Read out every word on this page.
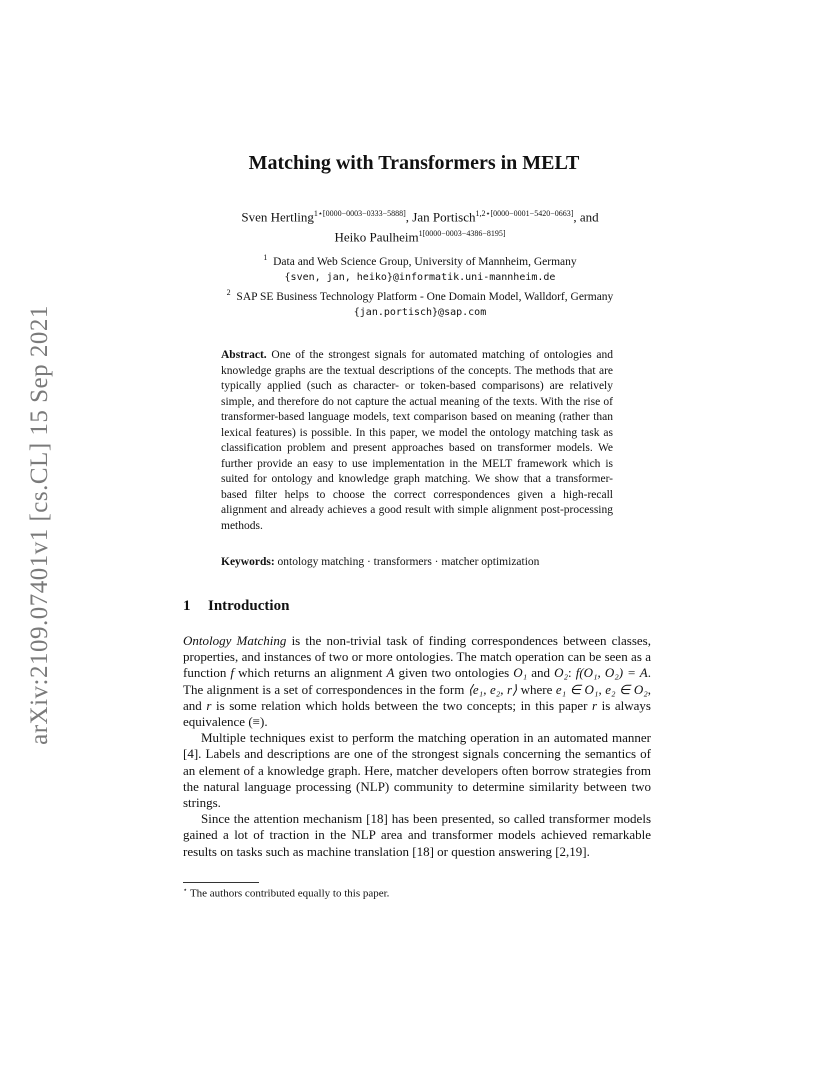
arXiv:2109.07401v1 [cs.CL] 15 Sep 2021
Matching with Transformers in MELT
Sven Hertling$^{1⋆[0000-0003-0333-5888]}$, Jan Portisch$^{1,2⋆[0000-0001-5420-0663]}$, and
Heiko Paulheim$^{1[0000-0003-4386-8195]}$
$^1$ Data and Web Science Group, University of Mannheim, Germany
{sven, jan, heiko}@informatik.uni-mannheim.de
$^2$ SAP SE Business Technology Platform - One Domain Model, Walldorf, Germany
{jan.portisch}@sap.com
Abstract. One of the strongest signals for automated matching of ontologies and knowledge graphs are the textual descriptions of the concepts. The methods that are typically applied (such as character- or token-based comparisons) are relatively simple, and therefore do not capture the actual meaning of the texts. With the rise of transformer-based language models, text comparison based on meaning (rather than lexical features) is possible. In this paper, we model the ontology matching task as classification problem and present approaches based on transformer models. We further provide an easy to use implementation in the MELT framework which is suited for ontology and knowledge graph matching. We show that a transformer-based filter helps to choose the correct correspondences given a high-recall alignment and already achieves a good result with simple alignment post-processing methods.
Keywords: ontology matching · transformers · matcher optimization
1 Introduction

Ontology Matching is the non-trivial task of finding correspondences between classes, properties, and instances of two or more ontologies. The match operation can be seen as a function f which returns an alignment A given two ontologies O₁ and O₂: f(O₁, O₂) = A. The alignment is a set of correspondences in the form ⟨e₁, e₂, r⟩ where e₁ ∈ O₁, e₂ ∈ O₂, and r is some relation which holds between the two concepts; in this paper r is always equivalence (≡).

Multiple techniques exist to perform the matching operation in an automated manner [4]. Labels and descriptions are one of the strongest signals concerning the semantics of an element of a knowledge graph. Here, matcher developers often borrow strategies from the natural language processing (NLP) community to determine similarity between two strings.

Since the attention mechanism [18] has been presented, so called transformer models gained a lot of traction in the NLP area and transformer models achieved remarkable results on tasks such as machine translation [18] or question answering [2,19].

⋆ The authors contributed equally to this paper.
